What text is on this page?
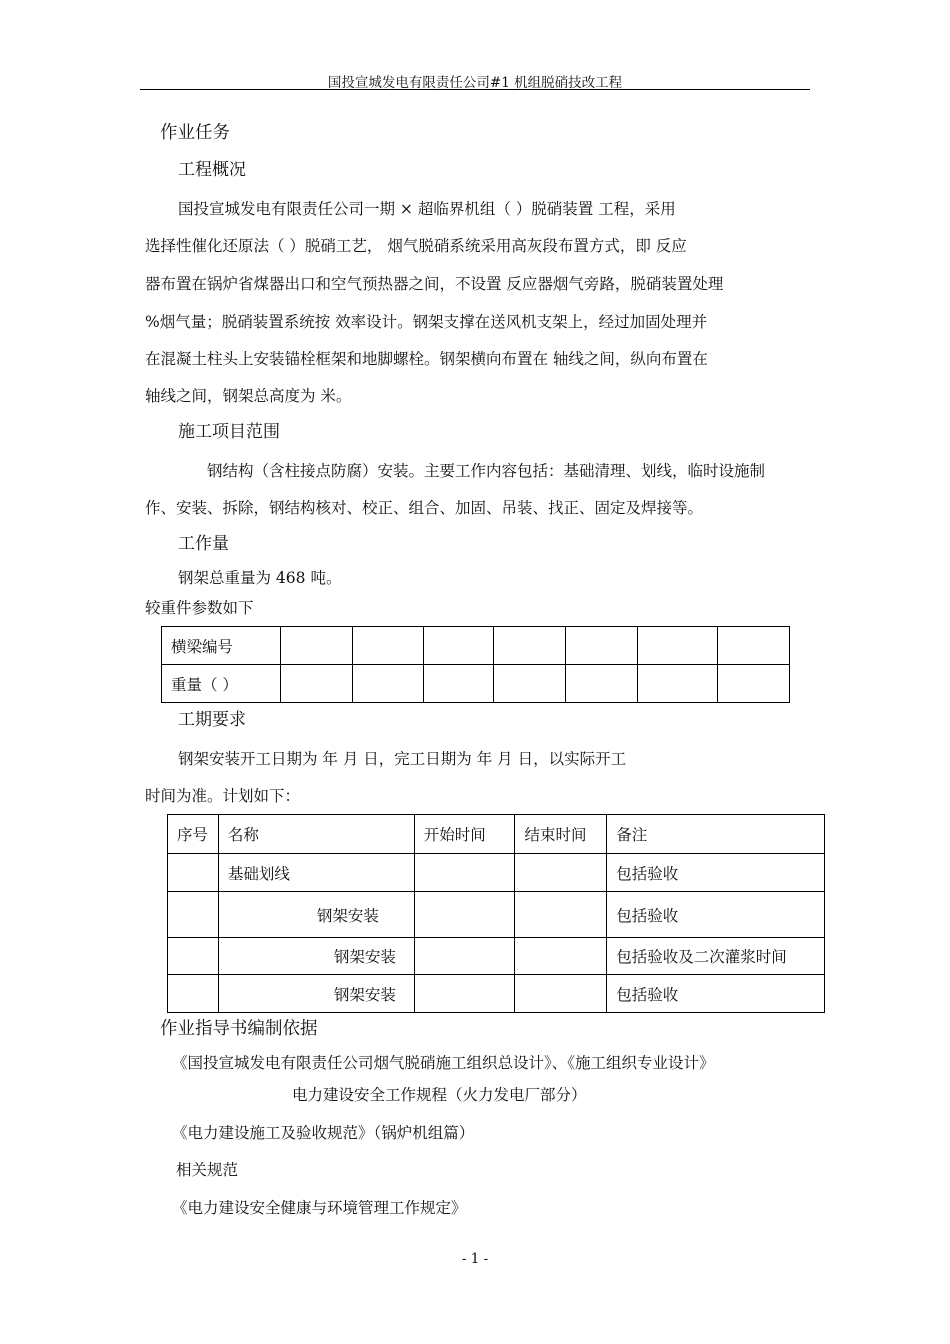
国投宣城发电有限责任公司#1 机组脱硝技改工程
作业任务
工程概况
国投宣城发电有限责任公司一期 × 超临界机组（ ）脱硝装置 工程，采用
选择性催化还原法（ ）脱硝工艺， 烟气脱硝系统采用高灰段布置方式，即 反应
器布置在锅炉省煤器出口和空气预热器之间，不设置 反应器烟气旁路，脱硝装置处理
%烟气量；脱硝装置系统按 效率设计。钢架支撑在送风机支架上，经过加固处理并
在混凝土柱头上安装锚栓框架和地脚螺栓。钢架横向布置在 轴线之间，纵向布置在
轴线之间，钢架总高度为 米。
施工项目范围
钢结构（含柱接点防腐）安装。主要工作内容包括：基础清理、划线，临时设施制
作、安装、拆除，钢结构核对、校正、组合、加固、吊装、找正、固定及焊接等。
工作量
钢架总重量为 468 吨。
较重件参数如下
横梁编号							
重量（ ）							
工期要求
钢架安装开工日期为 年 月 日，完工日期为 年 月 日，以实际开工
时间为准。计划如下：
序号	名称	开始时间	结束时间	备注
	基础划线			包括验收
	钢架安装			包括验收
	钢架安装			包括验收及二次灌浆时间
	钢架安装			包括验收
作业指导书编制依据
《国投宣城发电有限责任公司烟气脱硝施工组织总设计》、《施工组织专业设计》
电力建设安全工作规程（火力发电厂部分）
《电力建设施工及验收规范》（锅炉机组篇）
相关规范
《电力建设安全健康与环境管理工作规定》
- 1 -
